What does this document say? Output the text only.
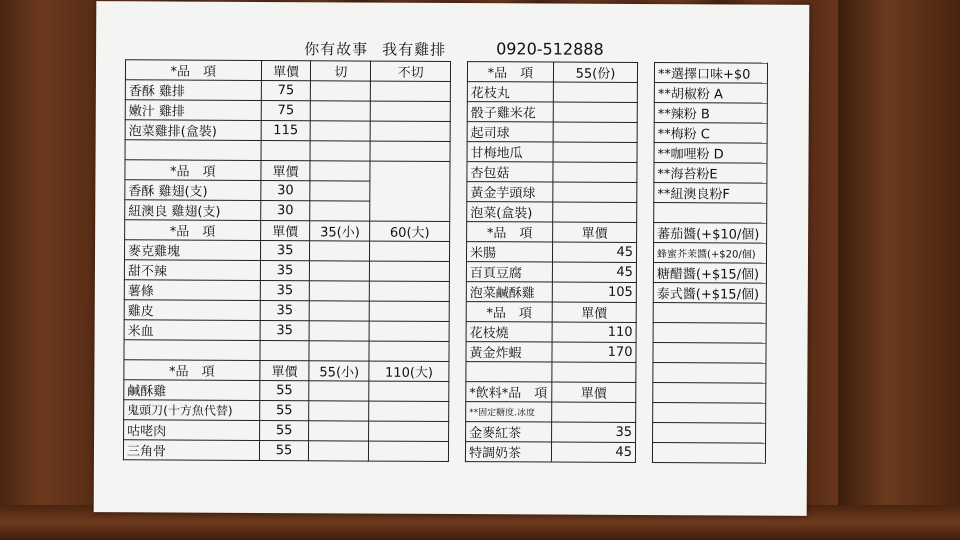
你有故事 我有雞排	0920-512888
*品　項	單價	切	不切
香酥 雞排	75		
嫩汁 雞排	75		
泡菜雞排(盒裝)	115		

*品　項	單價		
香酥 雞翅(支)	30		
紐澳良 雞翅(支)	30		
*品　項	單價	35(小)	60(大)
麥克雞塊	35		
甜不辣	35		
薯條	35		
雞皮	35		
米血	35		

*品　項	單價	55(小)	110(大)
鹹酥雞	55		
鬼頭刀(十方魚代替)	55		
咕咾肉	55		
三角骨	55		
*品　項	55(份)
花枝丸	
骰子雞米花	
起司球	
甘梅地瓜	
杏包菇	
黃金芋頭球	
泡菜(盒裝)	
*品　項	單價
米腸	45
百頁豆腐	45
泡菜鹹酥雞	105
*品　項	單價
花枝燒	110
黃金炸蝦	170

*飲料*品　項	單價
**固定糖度.冰度	
金麥紅茶	35
特調奶茶	45
**選擇口味+$0
**胡椒粉 A
**辣粉 B
**梅粉 C
**咖哩粉 D
**海苔粉E
**紐澳良粉F

蕃茄醬(+$10/個)
蜂蜜芥茉醬(+$20/個)
糖醋醬(+$15/個)
泰式醬(+$15/個)
